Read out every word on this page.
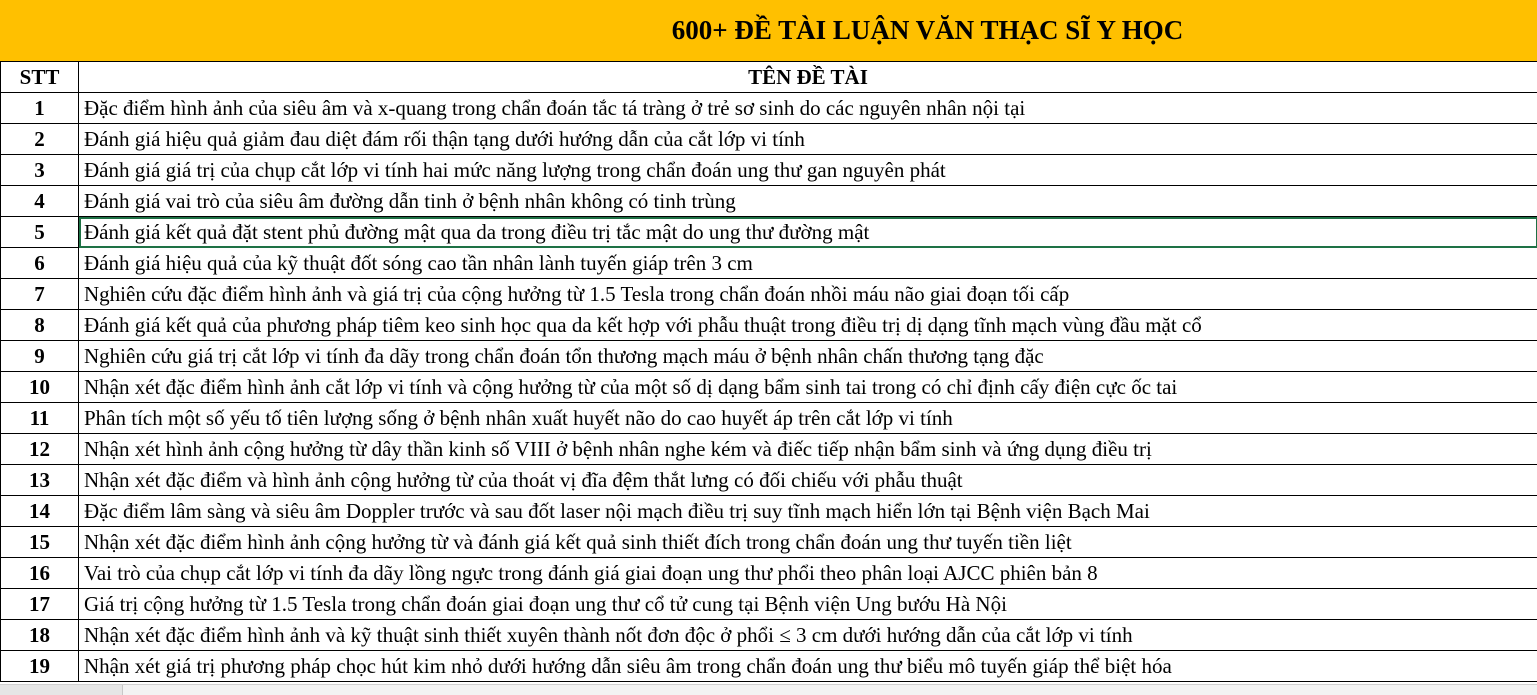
600+ ĐỀ TÀI LUẬN VĂN THẠC SĨ Y HỌC
STT	TÊN ĐỀ TÀI
1	Đặc điểm hình ảnh của siêu âm và x-quang trong chẩn đoán tắc tá tràng ở trẻ sơ sinh do các nguyên nhân nội tại
2	Đánh giá hiệu quả giảm đau diệt đám rối thận tạng dưới hướng dẫn của cắt lớp vi tính
3	Đánh giá giá trị của chụp cắt lớp vi tính hai mức năng lượng trong chẩn đoán ung thư gan nguyên phát
4	Đánh giá vai trò của siêu âm đường dẫn tinh ở bệnh nhân không có tinh trùng
5	Đánh giá kết quả đặt stent phủ đường mật qua da trong điều trị tắc mật do ung thư đường mật
6	Đánh giá hiệu quả của kỹ thuật đốt sóng cao tần nhân lành tuyến giáp trên 3 cm
7	Nghiên cứu đặc điểm hình ảnh và giá trị của cộng hưởng từ 1.5 Tesla trong chẩn đoán nhồi máu não giai đoạn tối cấp
8	Đánh giá kết quả của phương pháp tiêm keo sinh học qua da kết hợp với phẫu thuật trong điều trị dị dạng tĩnh mạch vùng đầu mặt cổ
9	Nghiên cứu giá trị cắt lớp vi tính đa dãy trong chẩn đoán tổn thương mạch máu ở bệnh nhân chấn thương tạng đặc
10	Nhận xét đặc điểm hình ảnh cắt lớp vi tính và cộng hưởng từ của một số dị dạng bẩm sinh tai trong có chỉ định cấy điện cực ốc tai
11	Phân tích một số yếu tố tiên lượng sống ở bệnh nhân xuất huyết não do cao huyết áp trên cắt lớp vi tính
12	Nhận xét hình ảnh cộng hưởng từ dây thần kinh số VIII ở bệnh nhân nghe kém và điếc tiếp nhận bẩm sinh và ứng dụng điều trị
13	Nhận xét đặc điểm và hình ảnh cộng hưởng từ của thoát vị đĩa đệm thắt lưng có đối chiếu với phẫu thuật
14	Đặc điểm lâm sàng và siêu âm Doppler trước và sau đốt laser nội mạch điều trị suy tĩnh mạch hiển lớn tại Bệnh viện Bạch Mai
15	Nhận xét đặc điểm hình ảnh cộng hưởng từ và đánh giá kết quả sinh thiết đích trong chẩn đoán ung thư tuyến tiền liệt
16	Vai trò của chụp cắt lớp vi tính đa dãy lồng ngực trong đánh giá giai đoạn ung thư phổi theo phân loại AJCC phiên bản 8
17	Giá trị cộng hưởng từ 1.5 Tesla trong chẩn đoán giai đoạn ung thư cổ tử cung tại Bệnh viện Ung bướu Hà Nội
18	Nhận xét đặc điểm hình ảnh và kỹ thuật sinh thiết xuyên thành nốt đơn độc ở phổi ≤ 3 cm dưới hướng dẫn của cắt lớp vi tính
19	Nhận xét giá trị phương pháp chọc hút kim nhỏ dưới hướng dẫn siêu âm trong chẩn đoán ung thư biểu mô tuyến giáp thể biệt hóa
